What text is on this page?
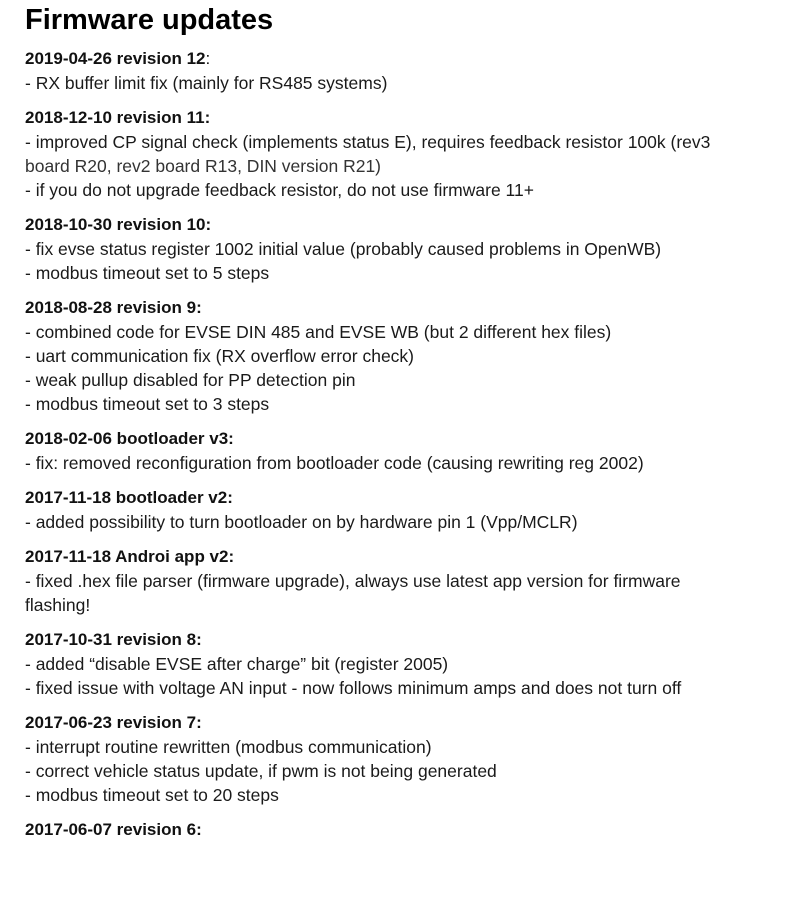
Firmware updates
2019-04-26 revision 12:

- RX buffer limit fix (mainly for RS485 systems)

2018-12-10 revision 11:

- improved CP signal check (implements status E), requires feedback resistor 100k (rev3

board R20, rev2 board R13, DIN version R21)

- if you do not upgrade feedback resistor, do not use firmware 11+

2018-10-30 revision 10:

- fix evse status register 1002 initial value (probably caused problems in OpenWB)

- modbus timeout set to 5 steps

2018-08-28 revision 9:

- combined code for EVSE DIN 485 and EVSE WB (but 2 different hex files)

- uart communication fix (RX overflow error check)

- weak pullup disabled for PP detection pin

- modbus timeout set to 3 steps

2018-02-06 bootloader v3:

- fix: removed reconfiguration from bootloader code (causing rewriting reg 2002)

2017-11-18 bootloader v2:

- added possibility to turn bootloader on by hardware pin 1 (Vpp/MCLR)

2017-11-18 Androi app v2:

- fixed .hex file parser (firmware upgrade), always use latest app version for firmware

flashing!

2017-10-31 revision 8:

- added “disable EVSE after charge” bit (register 2005)

- fixed issue with voltage AN input - now follows minimum amps and does not turn off

2017-06-23 revision 7:

- interrupt routine rewritten (modbus communication)

- correct vehicle status update, if pwm is not being generated

- modbus timeout set to 20 steps

2017-06-07 revision 6:
